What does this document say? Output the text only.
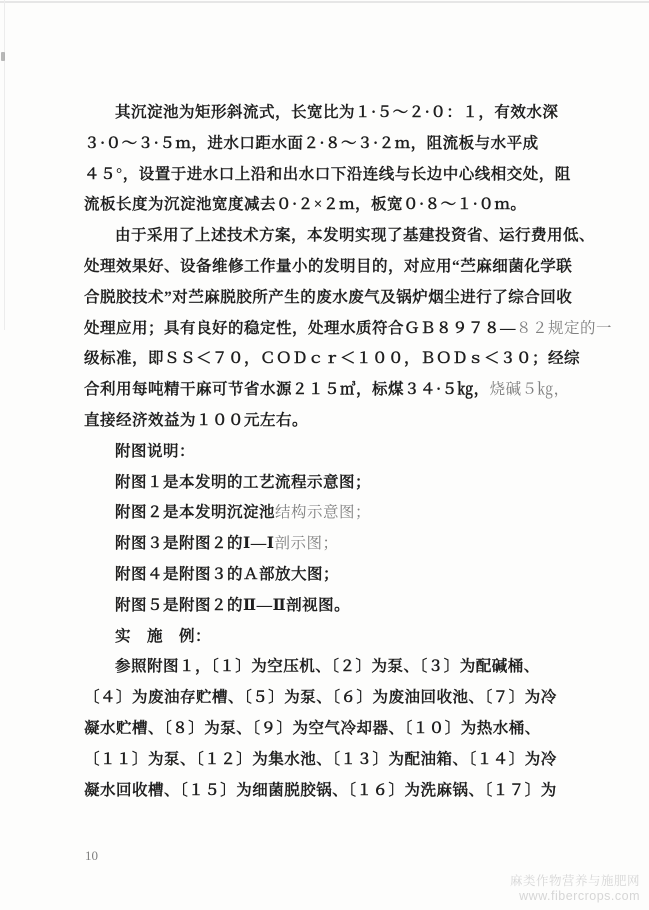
其沉淀池为矩形斜流式，长宽比为１·５～２·０：１，有效水深
３·０～３·５ｍ，进水口距水面２·８～３·２ｍ，阻流板与水平成
４５°，设置于进水口上沿和出水口下沿连线与长边中心线相交处，阻
流板长度为沉淀池宽度减去０·２×２ｍ，板宽０·８～１·０ｍ。
由于采用了上述技术方案，本发明实现了基建投资省、运行费用低、
处理效果好、设备维修工作量小的发明目的，对应用“苎麻细菌化学联
合脱胶技术”对苎麻脱胶所产生的废水废气及锅炉烟尘进行了综合回收
处理应用；具有良好的稳定性，处理水质符合ＧＢ８９７８—８２规定的一
级标准，即ＳＳ＜７０，ＣＯＤｃｒ＜１００，ＢＯＤｓ＜３０；经综
合利用每吨精干麻可节省水源２１５㎥，标煤３４·５㎏，烧碱５㎏，
直接经济效益为１００元左右。
附图说明：
附图１是本发明的工艺流程示意图；
附图２是本发明沉淀池结构示意图；
附图３是附图２的Ⅰ—Ⅰ剖示图；
附图４是附图３的Ａ部放大图；
附图５是附图２的Ⅱ—Ⅱ剖视图。
实　施　例：
参照附图１，〔１〕为空压机、〔２〕为泵、〔３〕为配碱桶、
〔４〕为废油存贮槽、〔５〕为泵、〔６〕为废油回收池、〔７〕为冷
凝水贮槽、〔８〕为泵、〔９〕为空气冷却器、〔１０〕为热水桶、
〔１１〕为泵、〔１２〕为集水池、〔１３〕为配油箱、〔１４〕为冷
凝水回收槽、〔１５〕为细菌脱胶锅、〔１６〕为洗麻锅、〔１７〕为
10
麻类作物营养与施肥网
www.fibercrops.com
